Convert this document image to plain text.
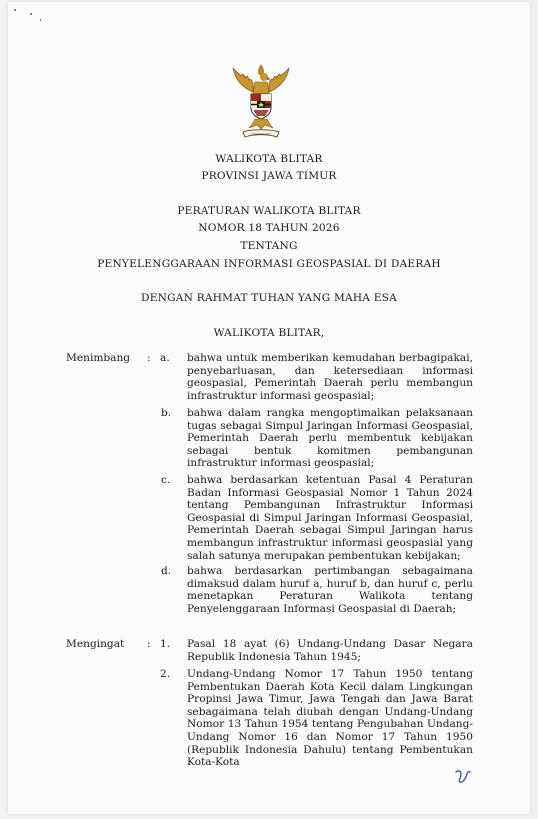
WALIKOTA BLITAR
PROVINSI JAWA TIMUR
PERATURAN WALIKOTA BLITAR
NOMOR 18 TAHUN 2026
TENTANG
PENYELENGGARAAN INFORMASI GEOSPASIAL DI DAERAH
DENGAN RAHMAT TUHAN YANG MAHA ESA
WALIKOTA BLITAR,
Menimbang : a. bahwa untuk memberikan kemudahan berbagipakai, penyebarluasan, dan ketersediaan informasi geospasial, Pemerintah Daerah perlu membangun infrastruktur informasi geospasial;
b. bahwa dalam rangka mengoptimalkan pelaksanaan tugas sebagai Simpul Jaringan Informasi Geospasial, Pemerintah Daerah perlu membentuk kebijakan sebagai bentuk komitmen pembangunan infrastruktur informasi geospasial;
c. bahwa berdasarkan ketentuan Pasal 4 Peraturan Badan Informasi Geospasial Nomor 1 Tahun 2024 tentang Pembangunan Infrastruktur Informasi Geospasial di Simpul Jaringan Informasi Geospasial, Pemerintah Daerah sebagai Simpul Jaringan harus membangun infrastruktur informasi geospasial yang salah satunya merupakan pembentukan kebijakan;
d. bahwa berdasarkan pertimbangan sebagaimana dimaksud dalam huruf a, huruf b, dan huruf c, perlu menetapkan Peraturan Walikota tentang Penyelenggaraan Informasi Geospasial di Daerah;
Mengingat : 1. Pasal 18 ayat (6) Undang-Undang Dasar Negara Republik Indonesia Tahun 1945;
2. Undang-Undang Nomor 17 Tahun 1950 tentang Pembentukan Daerah Kota Kecil dalam Lingkungan Propinsi Jawa Timur, Jawa Tengah dan Jawa Barat sebagaimana telah diubah dengan Undang-Undang Nomor 13 Tahun 1954 tentang Pengubahan Undang-Undang Nomor 16 dan Nomor 17 Tahun 1950 (Republik Indonesia Dahulu) tentang Pembentukan Kota-Kota
